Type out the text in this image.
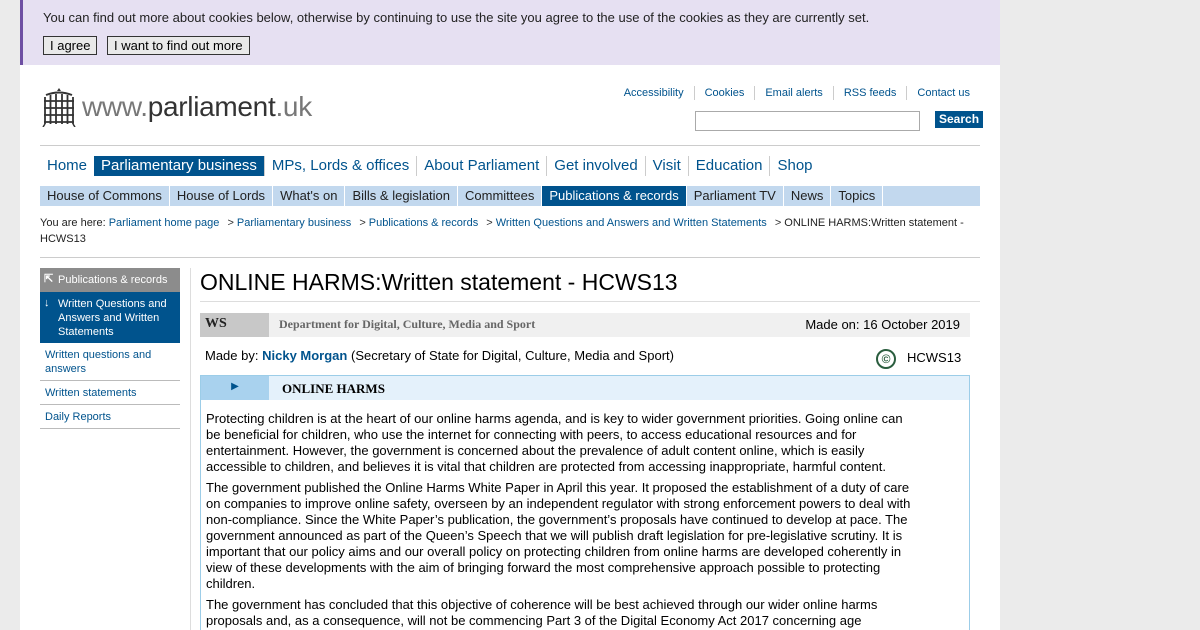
You can find out more about cookies below, otherwise by continuing to use the site you agree to the use of the cookies as they are currently set.
I agree	I want to find out more
www.parliament.uk	Accessibility	Cookies	Email alerts	RSS feeds	Contact us
Search
Home Parliamentary business	MPs, Lords & offices	About Parliament	Get involved	Visit	Education	Shop
House of Commons	House of Lords	What's on	Bills & legislation	Committees	Publications & records	Parliament TV	News	Topics
You are here: Parliament home page > Parliamentary business > Publications & records > Written Questions and Answers and Written Statements > ONLINE HARMS:Written statement - HCWS13
⇱ Publications & records
↓ Written Questions and Answers and Written Statements
Written questions and answers
Written statements
Daily Reports
ONLINE HARMS:Written statement - HCWS13
WS	Department for Digital, Culture, Media and Sport	Made on: 16 October 2019
Made by: Nicky Morgan (Secretary of State for Digital, Culture, Media and Sport)	©	HCWS13
▶	ONLINE HARMS

Protecting children is at the heart of our online harms agenda, and is key to wider government priorities. Going online can be beneficial for children, who use the internet for connecting with peers, to access educational resources and for entertainment. However, the government is concerned about the prevalence of adult content online, which is easily accessible to children, and believes it is vital that children are protected from accessing inappropriate, harmful content.

The government published the Online Harms White Paper in April this year. It proposed the establishment of a duty of care on companies to improve online safety, overseen by an independent regulator with strong enforcement powers to deal with non-compliance. Since the White Paper’s publication, the government’s proposals have continued to develop at pace. The government announced as part of the Queen’s Speech that we will publish draft legislation for pre-legislative scrutiny. It is important that our policy aims and our overall policy on protecting children from online harms are developed coherently in view of these developments with the aim of bringing forward the most comprehensive approach possible to protecting children.

The government has concluded that this objective of coherence will be best achieved through our wider online harms proposals and, as a consequence, will not be commencing Part 3 of the Digital Economy Act 2017 concerning age
